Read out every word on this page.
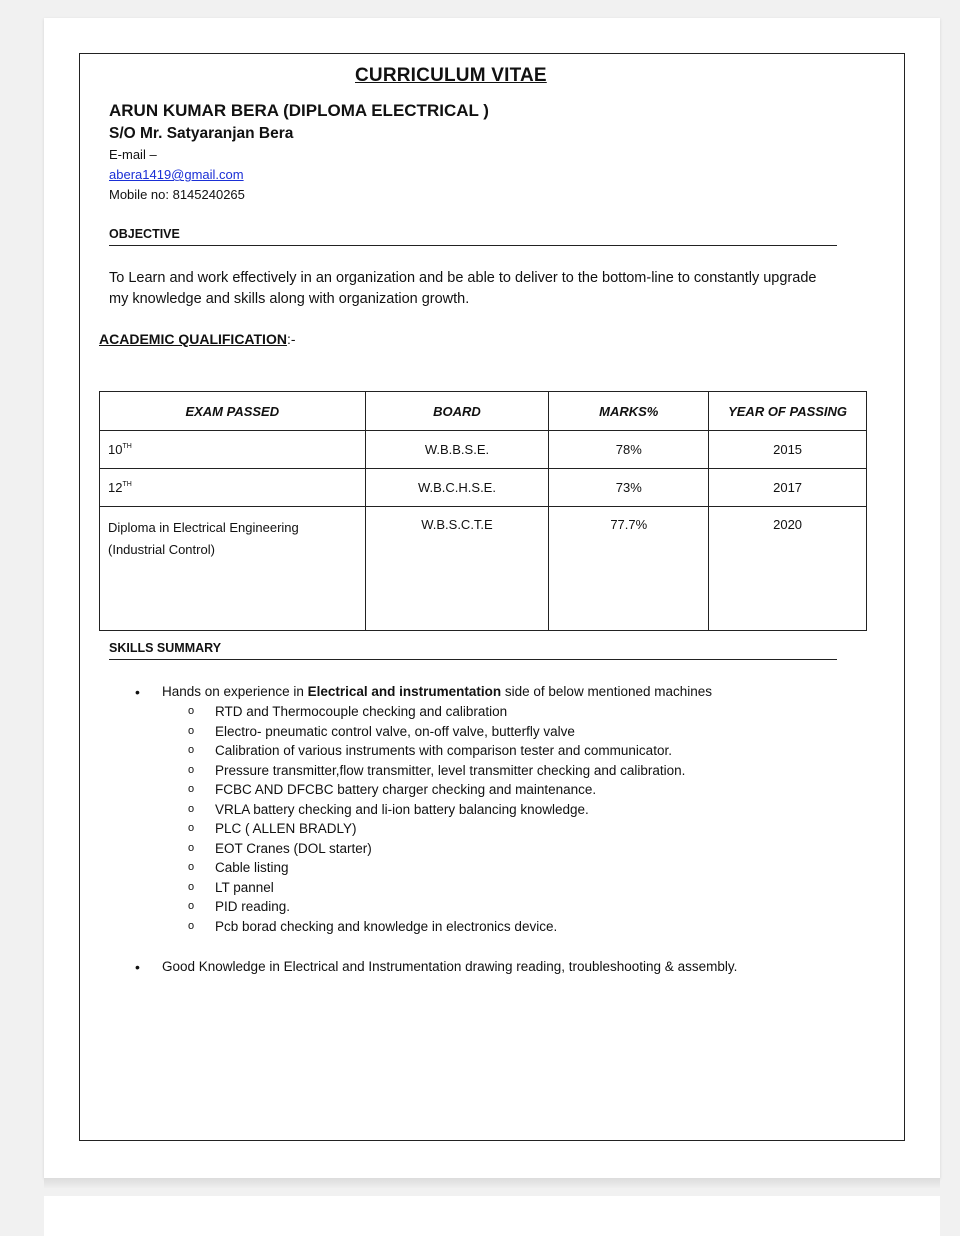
CURRICULUM VITAE
ARUN KUMAR BERA (DIPLOMA ELECTRICAL )
S/O Mr. Satyaranjan Bera
E-mail –
abera1419@gmail.com
Mobile no: 8145240265
OBJECTIVE
To Learn and work effectively in an organization and be able to deliver to the bottom-line to constantly upgrade my knowledge and skills along with organization growth.
ACADEMIC QUALIFICATION:-
EXAM PASSED	BOARD	MARKS%	YEAR OF PASSING
10TH	W.B.B.S.E.	78%	2015
12TH	W.B.C.H.S.E.	73%	2017

Diploma in Electrical Engineering
(Industrial Control)	W.B.S.C.T.E	77.7%	2020
SKILLS SUMMARY
• Hands on experience in Electrical and instrumentation side of below mentioned machines
o RTD and Thermocouple checking and calibration
o Electro- pneumatic control valve, on-off valve, butterfly valve
o Calibration of various instruments with comparison tester and communicator.
o Pressure transmitter,flow transmitter, level transmitter checking and calibration.
o FCBC AND DFCBC battery charger checking and maintenance.
o VRLA battery checking and li-ion battery balancing knowledge.
o PLC ( ALLEN BRADLY)
o EOT Cranes (DOL starter)
o Cable listing
o LT pannel
o PID reading.
o Pcb borad checking and knowledge in electronics device.
• Good Knowledge in Electrical and Instrumentation drawing reading, troubleshooting & assembly.
